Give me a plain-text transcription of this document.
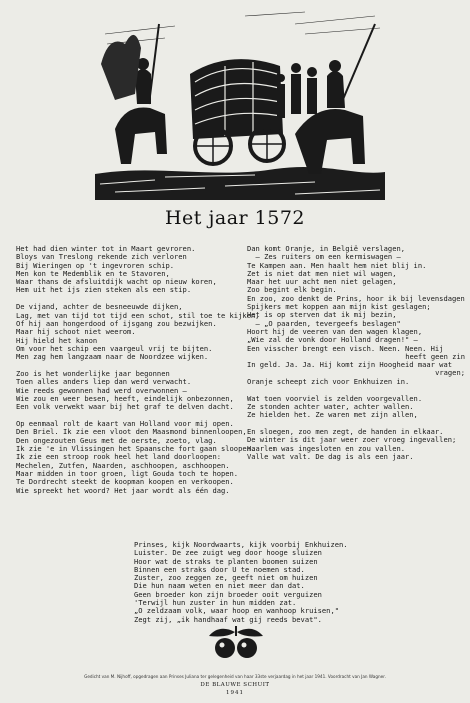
Het jaar 1572
Het had dien winter tot in Maart gevroren.
Bloys van Treslong rekende zich verloren
Bij Wieringen op 't ingevroren schip.
Men kon te Medemblik en te Stavoren,
Waar thans de afsluitdijk wacht op nieuw koren,
Hem uit het ijs zien steken als een stip.
De vijand, achter de besneeuwde dijken,
Lag, met van tijd tot tijd een schot, stil toe te kijken,
Of hij aan hongerdood of ijsgang zou bezwijken.
Maar hij schoot niet weerom.
Hij hield het kanon
Om voor het schip een vaargeul vrij te bijten.
Men zag hem langzaam naar de Noordzee wijken.
Zoo is het wonderlijke jaar begonnen
Toen alles anders liep dan werd verwacht.
Wie reeds gewonnen had werd overwonnen –
Wie zou en weer besen, heeft, eindelijk onbezonnen,
Een volk verwekt waar bij het graf te delven dacht.
Op eenmaal rolt de kaart van Holland voor mij open.
Den Briel. Ik zie een vloot den Maasmond binnenloopen,
Den ongezouten Geus met de oerste, zoeto, vlag.
Ik zie 'e in Vlissingen het Spaansche fort gaan sloopen.
Ik zie een stroop rook heel het land doorloopen:
Mechelen, Zutfen, Naarden, aschhoopen, aschhoopen.
Maar midden in toor groen, ligt Gouda toch te hopen.
Te Dordrecht steekt de koopman koopen en verkoopen.
Wie spreekt het woord? Het jaar wordt als één dag.
Dan komt Oranje, in België verslagen,
– Zes ruiters om een kermiswagen –
Te Kampen aan. Men haalt hem niet blij in.
Zet is niet dat men niet wil wagen,
Maar het uur acht men niet gelagen,
Zoo begint elk begin.
En zoo, zoo denkt de Prins, hoor ik bij levensdagen
Spijkers met koppen aan mijn kist geslagen;
Het is op sterven dat ik mij bezin,
– „O paarden, tevergeefs beslagen"
Hoort hij de veeren van den wagen klagen,
„Wie zal de vonk door Holland dragen!" –
Een visscher brengt een visch. Neen. Neen. Hij
heeft geen zin
In geld. Ja. Ja. Hij komt zijn Hoogheid maar wat
vragen;
Oranje scheept zich voor Enkhuizen in.
Wat toen voorviel is zelden voorgevallen.
Ze stonden achter water, achter wallen.
Ze hielden het. Ze waren met zijn allen,
En sloegen, zoo men zegt, de handen in elkaar.
De winter is dit jaar weer zoer vroeg ingevallen;
Haarlem was ingesloten en zou vallen.
Valle wat valt. De dag is als een jaar.
Prinses, kijk Noordwaarts, kijk voorbij Enkhuizen.
Luister. De zee zuigt weg door hooge sluizen
Hoor wat de straks te planten boomen suizen
Binnen een straks door U te noemen stad.
Zuster, zoo zeggen ze, geeft niet om huizen
Die hun naam weten en niet meer dan dat.
Geen broeder kon zijn broeder ooit verguizen
'Terwijl hun zuster in hun midden zat.
„O zeldzaam volk, waar hoop en wanhoop kruisen,"
Zegt zij, „ik handhaaf wat gij reeds bevat".
Gedicht van M. Nijhoff, opgedragen aan Prinses Juliana ter gelegenheid van haar 33ste verjaardag in het jaar 1941. Voordracht van Jan Wagner.
DE BLAUWE SCHUIT
1941
